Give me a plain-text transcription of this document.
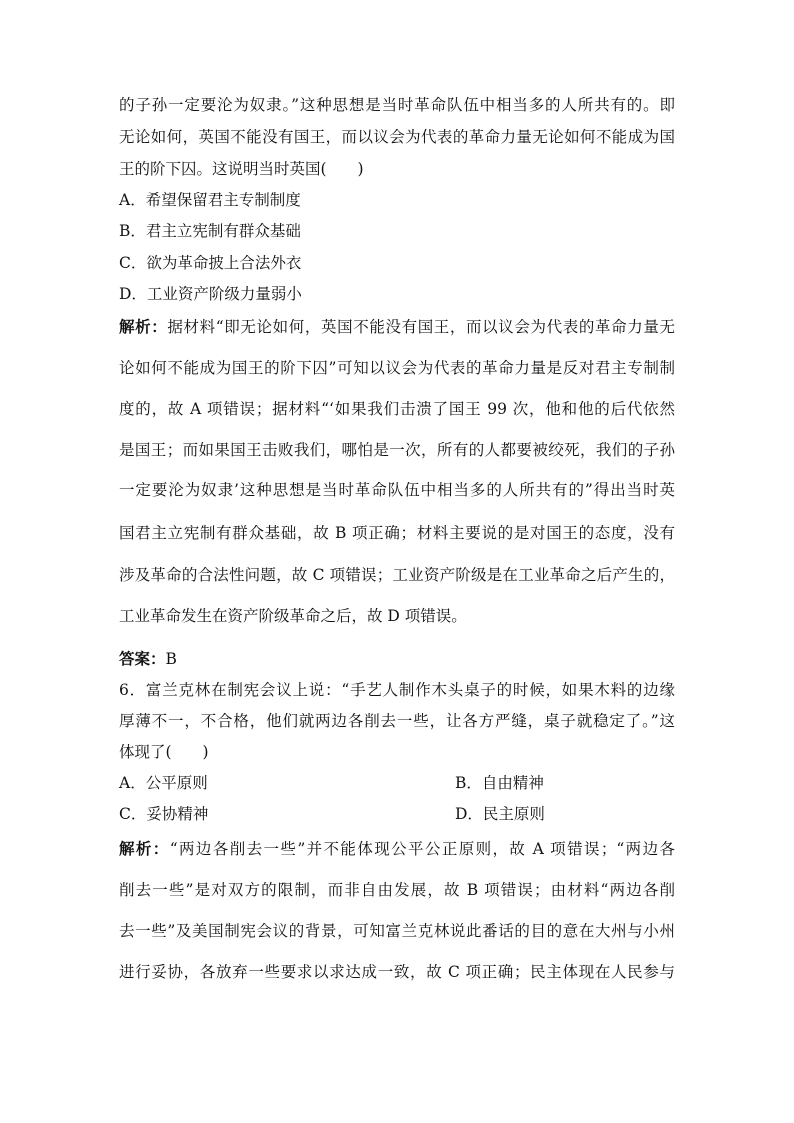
的子孙一定要沦为奴隶。”这种思想是当时革命队伍中相当多的人所共有的。即
无论如何，英国不能没有国王，而以议会为代表的革命力量无论如何不能成为国
王的阶下囚。这说明当时英国(　　)
A．希望保留君主专制制度
B．君主立宪制有群众基础
C．欲为革命披上合法外衣
D．工业资产阶级力量弱小
解析：据材料“即无论如何，英国不能没有国王，而以议会为代表的革命力量无
论如何不能成为国王的阶下囚”可知以议会为代表的革命力量是反对君主专制制
度的，故 A 项错误；据材料“‘如果我们击溃了国王 99 次，他和他的后代依然
是国王；而如果国王击败我们，哪怕是一次，所有的人都要被绞死，我们的子孙
一定要沦为奴隶’这种思想是当时革命队伍中相当多的人所共有的”得出当时英
国君主立宪制有群众基础，故 B 项正确；材料主要说的是对国王的态度，没有
涉及革命的合法性问题，故 C 项错误；工业资产阶级是在工业革命之后产生的，
工业革命发生在资产阶级革命之后，故 D 项错误。
答案：B
6．富兰克林在制宪会议上说：“手艺人制作木头桌子的时候，如果木料的边缘
厚薄不一，不合格，他们就两边各削去一些，让各方严缝，桌子就稳定了。”这
体现了(　　)
A．公平原则	B．自由精神
C．妥协精神	D．民主原则
解析：“两边各削去一些”并不能体现公平公正原则，故 A 项错误；“两边各
削去一些”是对双方的限制，而非自由发展，故 B 项错误；由材料“两边各削
去一些”及美国制宪会议的背景，可知富兰克林说此番话的目的意在大州与小州
进行妥协，各放弃一些要求以求达成一致，故 C 项正确；民主体现在人民参与
